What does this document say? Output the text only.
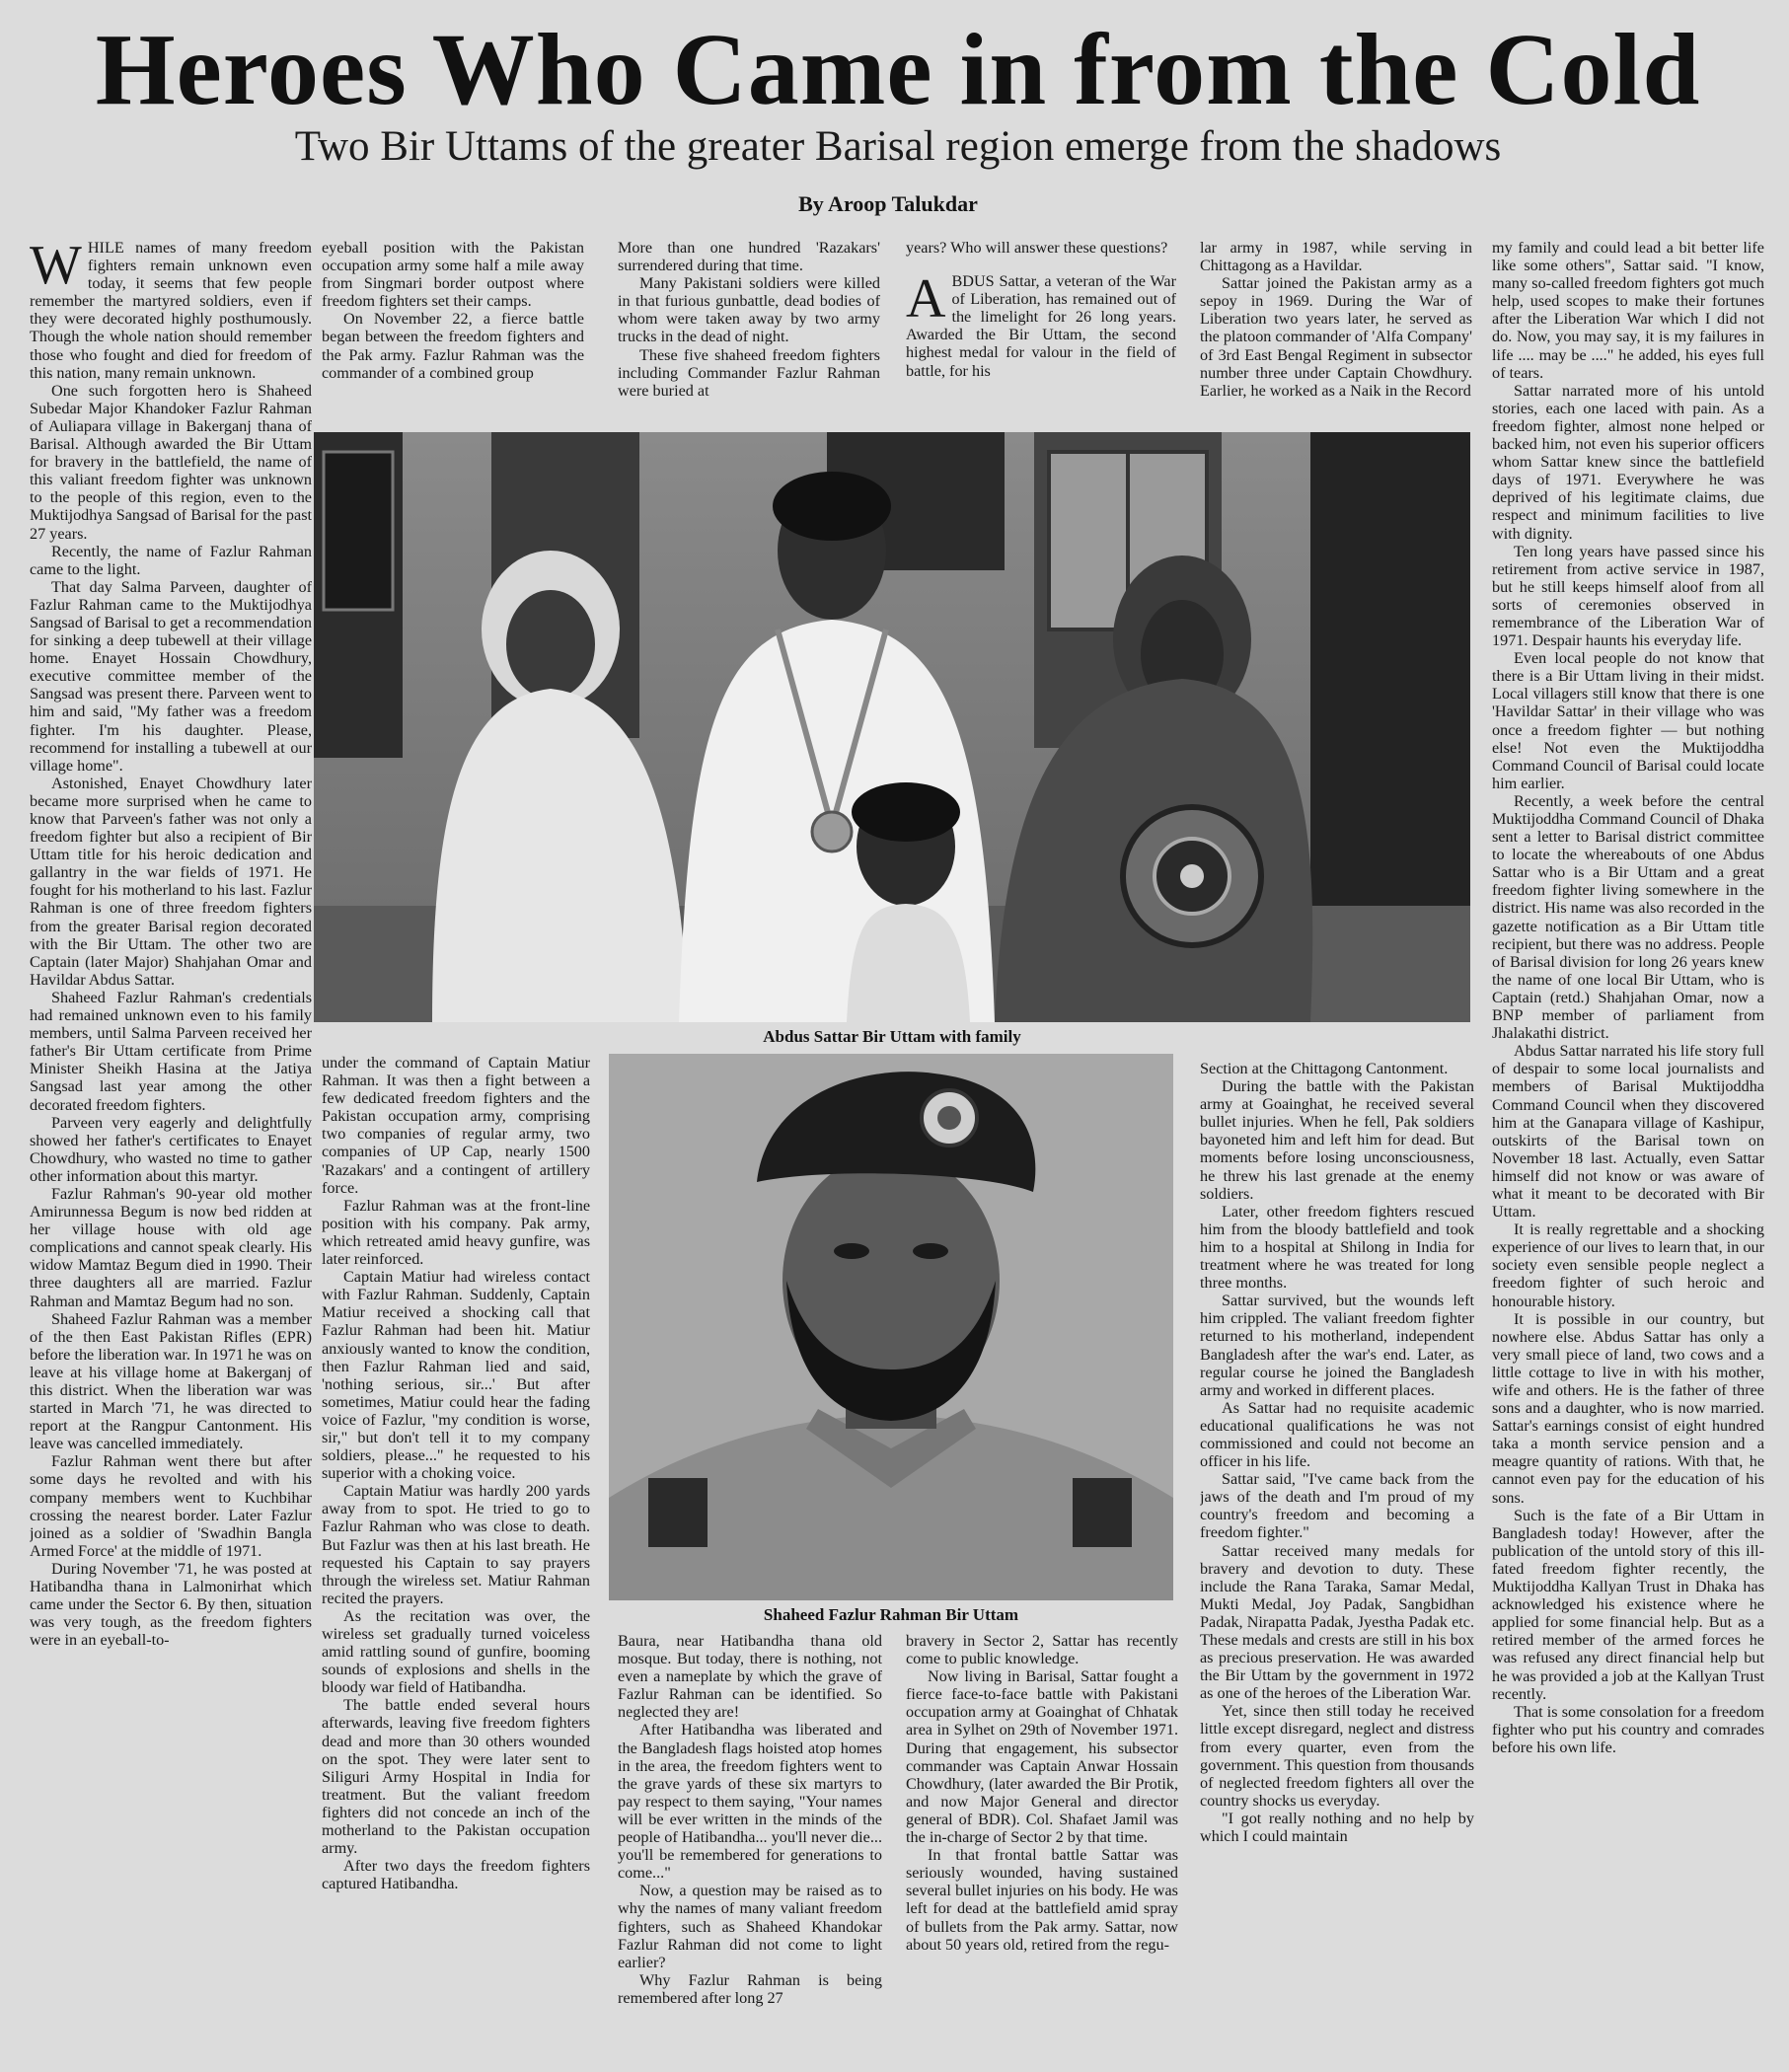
Heroes Who Came in from the Cold
Two Bir Uttams of the greater Barisal region emerge from the shadows
By Aroop Talukdar
W HILE names of many freedom fighters remain unknown even today, it seems that few people remember the martyred soldiers, even if they were decorated highly posthumously. Though the whole nation should remember those who fought and died for freedom of this nation, many remain unknown.

One such forgotten hero is Shaheed Subedar Major Khandoker Fazlur Rahman of Auliapara village in Bakerganj thana of Barisal. Although awarded the Bir Uttam for bravery in the battlefield, the name of this valiant freedom fighter was unknown to the people of this region, even to the Muktijodhya Sangsad of Barisal for the past 27 years.

Recently, the name of Fazlur Rahman came to the light.

That day Salma Parveen, daughter of Fazlur Rahman came to the Muktijodhya Sangsad of Barisal to get a recommendation for sinking a deep tubewell at their village home. Enayet Hossain Chowdhury, executive committee member of the Sangsad was present there. Parveen went to him and said, "My father was a freedom fighter. I'm his daughter. Please, recommend for installing a tubewell at our village home".

Astonished, Enayet Chowdhury later became more surprised when he came to know that Parveen's father was not only a freedom fighter but also a recipient of Bir Uttam title for his heroic dedication and gallantry in the war fields of 1971. He fought for his motherland to his last. Fazlur Rahman is one of three freedom fighters from the greater Barisal region decorated with the Bir Uttam. The other two are Captain (later Major) Shahjahan Omar and Havildar Abdus Sattar.

Shaheed Fazlur Rahman's credentials had remained unknown even to his family members, until Salma Parveen received her father's Bir Uttam certificate from Prime Minister Sheikh Hasina at the Jatiya Sangsad last year among the other decorated freedom fighters.

Parveen very eagerly and delightfully showed her father's certificates to Enayet Chowdhury, who wasted no time to gather other information about this martyr.

Fazlur Rahman's 90-year old mother Amirunnessa Begum is now bed ridden at her village house with old age complications and cannot speak clearly. His widow Mamtaz Begum died in 1990. Their three daughters all are married. Fazlur Rahman and Mamtaz Begum had no son.

Shaheed Fazlur Rahman was a member of the then East Pakistan Rifles (EPR) before the liberation war. In 1971 he was on leave at his village home at Bakerganj of this district. When the liberation war was started in March '71, he was directed to report at the Rangpur Cantonment. His leave was cancelled immediately.

Fazlur Rahman went there but after some days he revolted and with his company members went to Kuchbihar crossing the nearest border. Later Fazlur joined as a soldier of 'Swadhin Bangla Armed Force' at the middle of 1971.

During November '71, he was posted at Hatibandha thana in Lalmonirhat which came under the Sector 6. By then, situation was very tough, as the freedom fighters were in an eyeball-to-

eyeball position with the Pakistan occupation army some half a mile away from Singmari border outpost where freedom fighters set their camps.

On November 22, a fierce battle began between the freedom fighters and the Pak army. Fazlur Rahman was the commander of a combined group

More than one hundred 'Razakars' surrendered during that time.

Many Pakistani soldiers were killed in that furious gunbattle, dead bodies of whom were taken away by two army trucks in the dead of night.

These five shaheed freedom fighters including Commander Fazlur Rahman were buried at

years? Who will answer these questions?

A BDUS Sattar, a veteran of the War of Liberation, has remained out of the limelight for 26 long years. Awarded the Bir Uttam, the second highest medal for valour in the field of battle, for his

lar army in 1987, while serving in Chittagong as a Havildar.

Sattar joined the Pakistan army as a sepoy in 1969. During the War of Liberation two years later, he served as the platoon commander of 'Alfa Company' of 3rd East Bengal Regiment in subsector number three under Captain Chowdhury. Earlier, he worked as a Naik in the Record

my family and could lead a bit better life like some others", Sattar said. "I know, many so-called freedom fighters got much help, used scopes to make their fortunes after the Liberation War which I did not do. Now, you may say, it is my failures in life .... may be ...." he added, his eyes full of tears.

Sattar narrated more of his untold stories, each one laced with pain. As a freedom fighter, almost none helped or backed him, not even his superior officers whom Sattar knew since the battlefield days of 1971. Everywhere he was deprived of his legitimate claims, due respect and minimum facilities to live with dignity.

Ten long years have passed since his retirement from active service in 1987, but he still keeps himself aloof from all sorts of ceremonies observed in remembrance of the Liberation War of 1971. Despair haunts his everyday life.

Even local people do not know that there is a Bir Uttam living in their midst. Local villagers still know that there is one 'Havildar Sattar' in their village who was once a freedom fighter — but nothing else! Not even the Muktijoddha Command Council of Barisal could locate him earlier.

Recently, a week before the central Muktijoddha Command Council of Dhaka sent a letter to Barisal district committee to locate the whereabouts of one Abdus Sattar who is a Bir Uttam and a great freedom fighter living somewhere in the district. His name was also recorded in the gazette notification as a Bir Uttam title recipient, but there was no address. People of Barisal division for long 26 years knew the name of one local Bir Uttam, who is Captain (retd.) Shahjahan Omar, now a BNP member of parliament from Jhalakathi district.

Abdus Sattar narrated his life story full of despair to some local journalists and members of Barisal Muktijoddha Command Council when they discovered him at the Ganapara village of Kashipur, outskirts of the Barisal town on November 18 last. Actually, even Sattar himself did not know or was aware of what it meant to be decorated with Bir Uttam.

It is really regrettable and a shocking experience of our lives to learn that, in our society even sensible people neglect a freedom fighter of such heroic and honourable history.

It is possible in our country, but nowhere else. Abdus Sattar has only a very small piece of land, two cows and a little cottage to live in with his mother, wife and others. He is the father of three sons and a daughter, who is now married. Sattar's earnings consist of eight hundred taka a month service pension and a meagre quantity of rations. With that, he cannot even pay for the education of his sons.

Such is the fate of a Bir Uttam in Bangladesh today! However, after the publication of the untold story of this ill-fated freedom fighter recently, the Muktijoddha Kallyan Trust in Dhaka has acknowledged his existence where he applied for some financial help. But as a retired member of the armed forces he was refused any direct financial help but he was provided a job at the Kallyan Trust recently.

That is some consolation for a freedom fighter who put his country and comrades before his own life.

Abdus Sattar Bir Uttam with family

under the command of Captain Matiur Rahman. It was then a fight between a few dedicated freedom fighters and the Pakistan occupation army, comprising two companies of regular army, two companies of UP Cap, nearly 1500 'Razakars' and a contingent of artillery force.

Fazlur Rahman was at the front-line position with his company. Pak army, which retreated amid heavy gunfire, was later reinforced.

Captain Matiur had wireless contact with Fazlur Rahman. Suddenly, Captain Matiur received a shocking call that Fazlur Rahman had been hit. Matiur anxiously wanted to know the condition, then Fazlur Rahman lied and said, 'nothing serious, sir...' But after sometimes, Matiur could hear the fading voice of Fazlur, "my condition is worse, sir," but don't tell it to my company soldiers, please..." he requested to his superior with a choking voice.

Captain Matiur was hardly 200 yards away from to spot. He tried to go to Fazlur Rahman who was close to death. But Fazlur was then at his last breath. He requested his Captain to say prayers through the wireless set. Matiur Rahman recited the prayers.

As the recitation was over, the wireless set gradually turned voiceless amid rattling sound of gunfire, booming sounds of explosions and shells in the bloody war field of Hatibandha.

The battle ended several hours afterwards, leaving five freedom fighters dead and more than 30 others wounded on the spot. They were later sent to Siliguri Army Hospital in India for treatment. But the valiant freedom fighters did not concede an inch of the motherland to the Pakistan occupation army.

After two days the freedom fighters captured Hatibandha.

Shaheed Fazlur Rahman Bir Uttam

Section at the Chittagong Cantonment.

During the battle with the Pakistan army at Goainghat, he received several bullet injuries. When he fell, Pak soldiers bayoneted him and left him for dead. But moments before losing unconsciousness, he threw his last grenade at the enemy soldiers.

Later, other freedom fighters rescued him from the bloody battlefield and took him to a hospital at Shilong in India for treatment where he was treated for long three months.

Sattar survived, but the wounds left him crippled. The valiant freedom fighter returned to his motherland, independent Bangladesh after the war's end. Later, as regular course he joined the Bangladesh army and worked in different places.

As Sattar had no requisite academic educational qualifications he was not commissioned and could not become an officer in his life.

Sattar said, "I've came back from the jaws of the death and I'm proud of my country's freedom and becoming a freedom fighter."

Sattar received many medals for bravery and devotion to duty. These include the Rana Taraka, Samar Medal, Mukti Medal, Joy Padak, Sangbidhan Padak, Nirapatta Padak, Jyestha Padak etc. These medals and crests are still in his box as precious preservation. He was awarded the Bir Uttam by the government in 1972 as one of the heroes of the Liberation War.

Yet, since then still today he received little except disregard, neglect and distress from every quarter, even from the government. This question from thousands of neglected freedom fighters all over the country shocks us everyday.

"I got really nothing and no help by which I could maintain

Baura, near Hatibandha thana old mosque. But today, there is nothing, not even a nameplate by which the grave of Fazlur Rahman can be identified. So neglected they are!

After Hatibandha was liberated and the Bangladesh flags hoisted atop homes in the area, the freedom fighters went to the grave yards of these six martyrs to pay respect to them saying, "Your names will be ever written in the minds of the people of Hatibandha... you'll never die... you'll be remembered for generations to come..."

Now, a question may be raised as to why the names of many valiant freedom fighters, such as Shaheed Khandokar Fazlur Rahman did not come to light earlier?

Why Fazlur Rahman is being remembered after long 27

bravery in Sector 2, Sattar has recently come to public knowledge.

Now living in Barisal, Sattar fought a fierce face-to-face battle with Pakistani occupation army at Goainghat of Chhatak area in Sylhet on 29th of November 1971. During that engagement, his subsector commander was Captain Anwar Hossain Chowdhury, (later awarded the Bir Protik, and now Major General and director general of BDR). Col. Shafaet Jamil was the in-charge of Sector 2 by that time.

In that frontal battle Sattar was seriously wounded, having sustained several bullet injuries on his body. He was left for dead at the battlefield amid spray of bullets from the Pak army. Sattar, now about 50 years old, retired from the regu-
